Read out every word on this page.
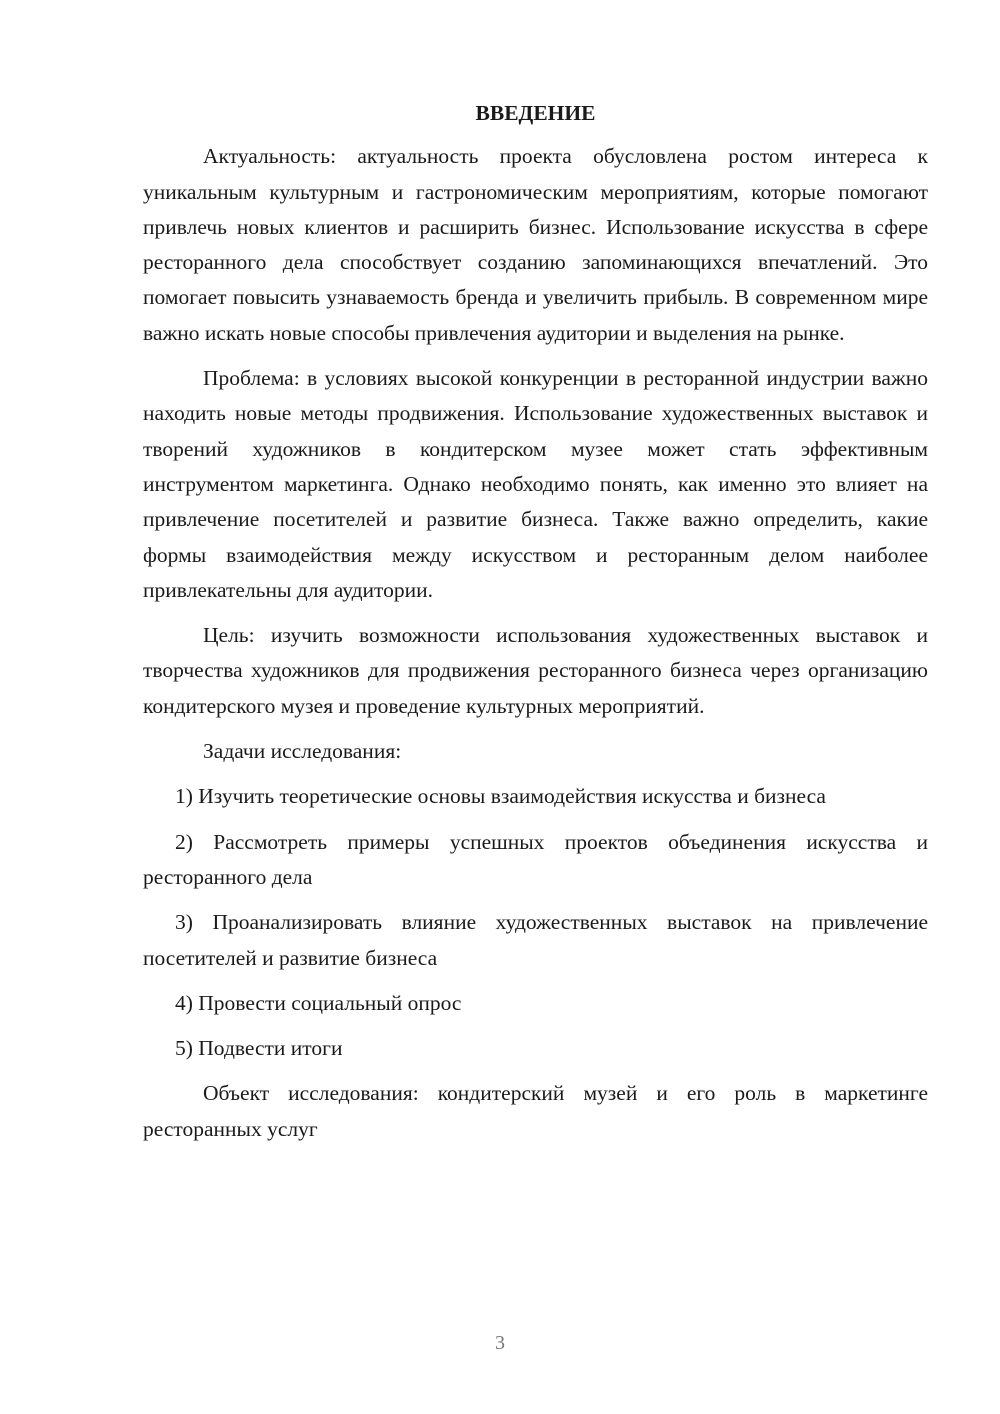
ВВЕДЕНИЕ

Актуальность: актуальность проекта обусловлена ростом интереса к уникальным культурным и гастрономическим мероприятиям, которые помогают привлечь новых клиентов и расширить бизнес. Использование искусства в сфере ресторанного дела способствует созданию запоминающихся впечатлений. Это помогает повысить узнаваемость бренда и увеличить прибыль. В современном мире важно искать новые способы привлечения аудитории и выделения на рынке.

Проблема: в условиях высокой конкуренции в ресторанной индустрии важно находить новые методы продвижения. Использование художественных выставок и творений художников в кондитерском музее может стать эффективным инструментом маркетинга. Однако необходимо понять, как именно это влияет на привлечение посетителей и развитие бизнеса. Также важно определить, какие формы взаимодействия между искусством и ресторанным делом наиболее привлекательны для аудитории.

Цель: изучить возможности использования художественных выставок и творчества художников для продвижения ресторанного бизнеса через организацию кондитерского музея и проведение культурных мероприятий.

Задачи исследования:

1) Изучить теоретические основы взаимодействия искусства и бизнеса

2) Рассмотреть примеры успешных проектов объединения искусства и ресторанного дела

3) Проанализировать влияние художественных выставок на привлечение посетителей и развитие бизнеса

4) Провести социальный опрос

5) Подвести итоги

Объект исследования: кондитерский музей и его роль в маркетинге ресторанных услуг

3
